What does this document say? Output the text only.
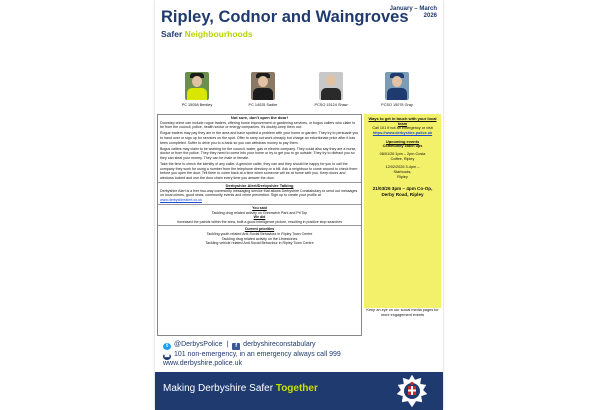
Ripley, Codnor and Waingroves
January – March 2026
Safer Neighbourhoods
PC 15058 Bentley	PC 14025 Sadler	PCSO 15124 Shaw	PCSO 15078 Gray
Not sure, don't open the door!

Doorstep crime can include rogue traders, offering home improvement or gardening services, or bogus callers who claim to be from the council, police, health sector or energy companies. It's doubly-keep them out.

Rogue traders may pay they are in the area and have spotted a problem with your home or garden. They try to persuade you to hand over or sign up for services on the spot. Offer to carry out work cheaply but charge an extortionate price after it has been completed. Suffer to drive you to a bank so you can withdraw money to pay them.

Bogus callers may claim to be working for the council, water, gas or electric company. They could also say they are a nurse, doctor or from the police. They they need to come into your home or try to get you to go outside. They try to distract you so they can steal your money. They can be male or female.

Take the time to check the identity of any caller. A genuine caller, they can and they should be happy for you to call the company they work for using a number from the telephone directory or a bill. Ask a neighbour to come around to check them before you open the door. Tell them to come back at a time when someone will be at home with you. Keep doors and windows locked and use the door chain every time you answer the door.

Derbyshire Alert/Derbyshire Talking

Derbyshire Alert is a free two-way community messaging service that allows Derbyshire Constabulary to send out messages on local crimes, good news, community events and crime prevention. Sign up to create your profile at www.derbyshirealert.co.uk

You said
Tackling drug related activity on Greenwich Park and Pit Top
We did
Increased the patrols within the area, built a good intelligence picture, resulting in positive stop searches
Current priorities
Tackling youth related Anti-Social Behaviour in Ripley Town Centre
Tackling drug related activity on the Limestones
Tackling vehicle related Anti-Social Behaviour in Ripley Town Centre
Ways to get in touch with your local team
Call 101 if not an emergency or visit
https://www.derbyshire.police.uk
Upcoming events
Community catch ups
08/01/26 1pm – 2pm Costa
Coffee, Ripley
12/02/2026 3-4pm –
Starbucks,
Ripley
21/03/26 3pm – 4pm Co-Op,
Derby Road, Ripley
Keep an eye on our social media pages for more engagement events
t @DerbysPolice | f derbyshireconstabulary
☎ 101 non-emergency, in an emergency always call 999
www.derbyshire.police.uk
Making Derbyshire Safer Together
